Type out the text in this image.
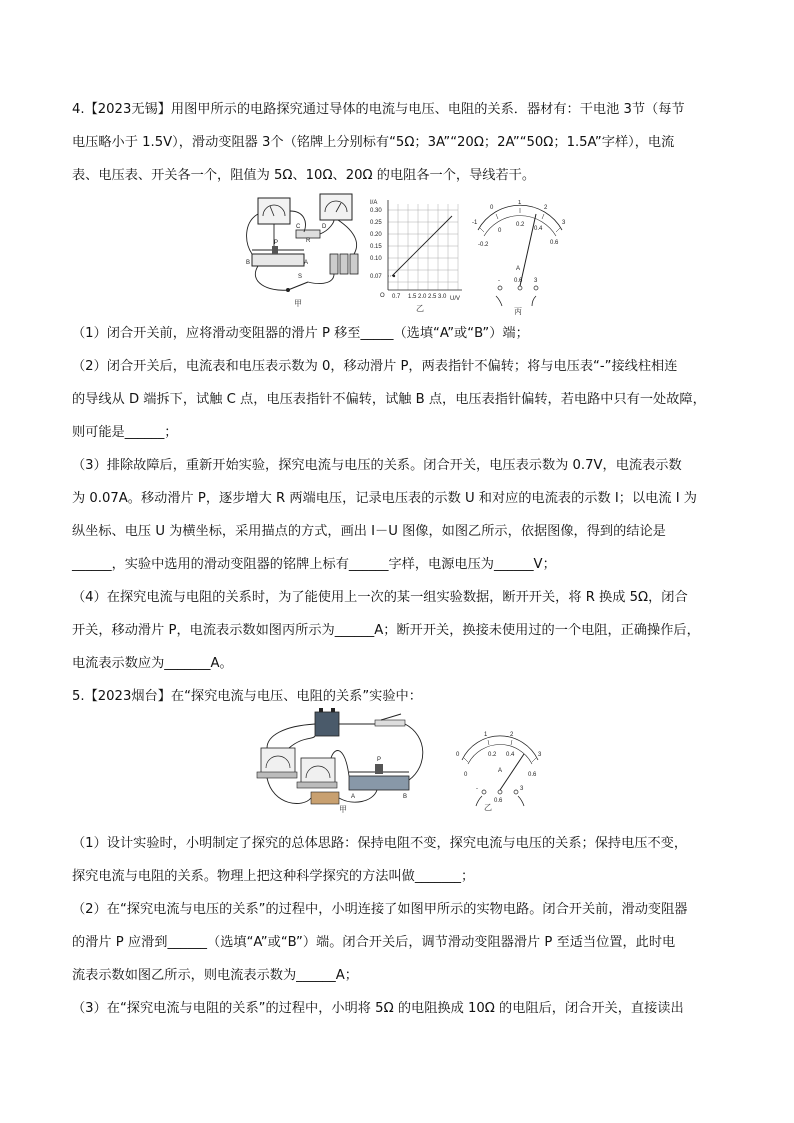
4.【2023无锡】用图甲所示的电路探究通过导体的电流与电压、电阻的关系．器材有：干电池 3节（每节
电压略小于 1.5V），滑动变阻器 3个（铭牌上分别标有“5Ω；3A”“20Ω；2A”“50Ω；1.5A”字样），电流
表、电压表、开关各一个，阻值为 5Ω、10Ω、20Ω 的电阻各一个，导线若干。
P
B	A
C	D
R
S
甲
I/A
U/V
O
0.30
0.25
0.20
0.15
0.10
0.07
0.7 1.5 2.0 2.5 3.0
乙
-1
0
1
2
3
-0.2
0
0.2
0.4
0.6
A
- 0.6 3
丙
（1）闭合开关前，应将滑动变阻器的滑片 P 移至_____（选填“A”或“B”）端；
（2）闭合开关后，电流表和电压表示数为 0，移动滑片 P，两表指针不偏转；将与电压表“-”接线柱相连
的导线从 D 端拆下，试触 C 点，电压表指针不偏转，试触 B 点，电压表指针偏转，若电路中只有一处故障，
则可能是______；
（3）排除故障后，重新开始实验，探究电流与电压的关系。闭合开关，电压表示数为 0.7V，电流表示数
为 0.07A。移动滑片 P，逐步增大 R 两端电压，记录电压表的示数 U 和对应的电流表的示数 I；以电流 I 为
纵坐标、电压 U 为横坐标，采用描点的方式，画出 I－U 图像，如图乙所示，依据图像，得到的结论是
______，实验中选用的滑动变阻器的铭牌上标有______字样，电源电压为______V；
（4）在探究电流与电阻的关系时，为了能使用上一次的某一组实验数据，断开开关，将 R 换成 5Ω，闭合
开关，移动滑片 P，电流表示数如图丙所示为______A；断开开关，换接未使用过的一个电阻，正确操作后，
电流表示数应为_______A。
5.【2023烟台】在“探究电流与电压、电阻的关系”实验中：
P
A	B
甲
0
1	2
3
0
0.2 0.4
0.6
A
-
0.6
3
乙
（1）设计实验时，小明制定了探究的总体思路：保持电阻不变，探究电流与电压的关系；保持电压不变，
探究电流与电阻的关系。物理上把这种科学探究的方法叫做_______；
（2）在“探究电流与电压的关系”的过程中，小明连接了如图甲所示的实物电路。闭合开关前，滑动变阻器
的滑片 P 应滑到______（选填“A”或“B”）端。闭合开关后，调节滑动变阻器滑片 P 至适当位置，此时电
流表示数如图乙所示，则电流表示数为______A；
（3）在“探究电流与电阻的关系”的过程中，小明将 5Ω 的电阻换成 10Ω 的电阻后，闭合开关，直接读出
